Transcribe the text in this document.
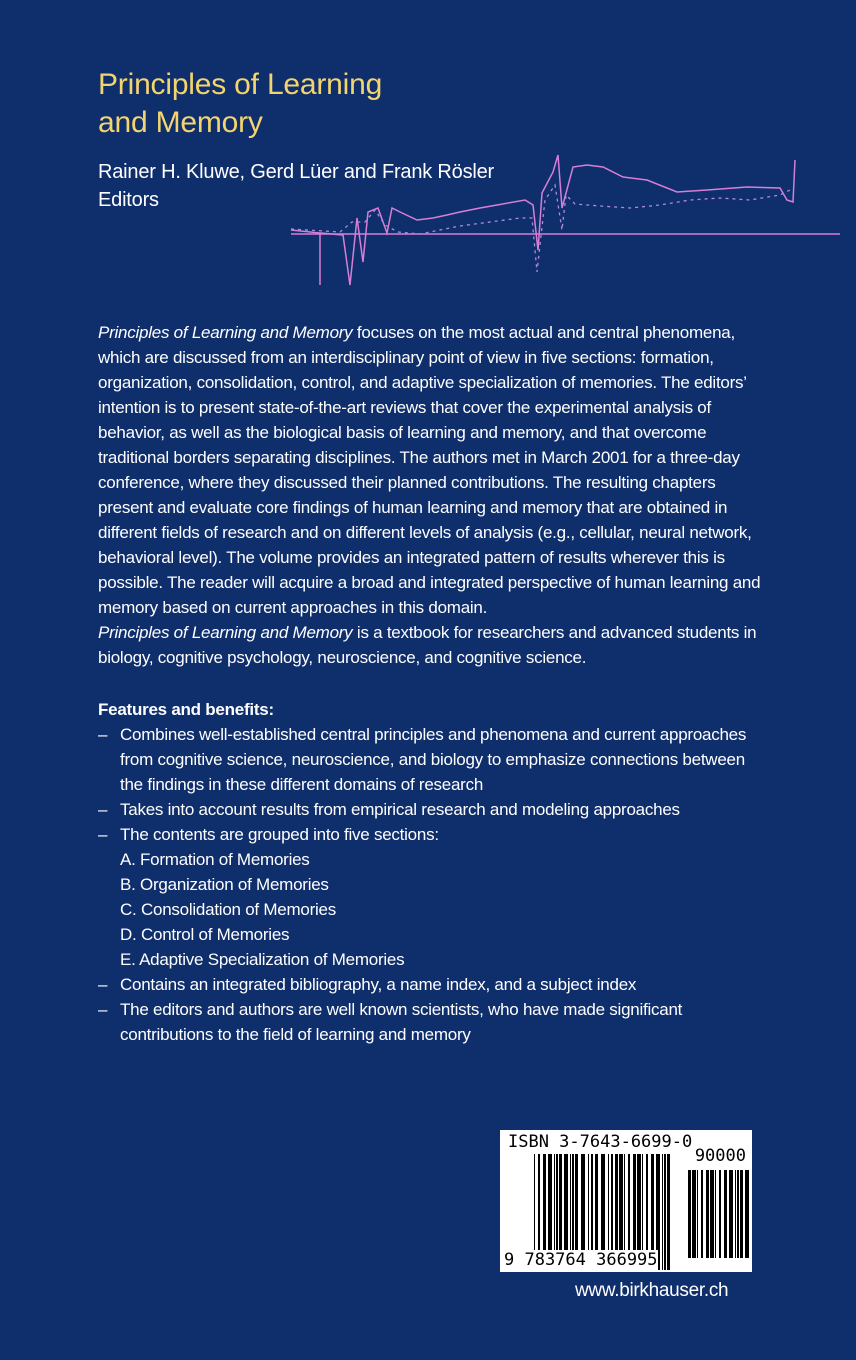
Principles of Learning
and Memory
Rainer H. Kluwe, Gerd Lüer and Frank Rösler
Editors

Principles of Learning and Memory focuses on the most actual and central phenomena, which are discussed from an interdisciplinary point of view in five sections: formation, organization, consolidation, control, and adaptive specialization of memories. The editors’ intention is to present state-of-the-art reviews that cover the experimental analysis of behavior, as well as the biological basis of learning and memory, and that overcome traditional borders separating disciplines. The authors met in March 2001 for a three-day conference, where they discussed their planned contributions. The resulting chapters present and evaluate core findings of human learning and memory that are obtained in different fields of research and on different levels of analysis (e.g., cellular, neural network, behavioral level). The volume provides an integrated pattern of results wherever this is possible. The reader will acquire a broad and integrated perspective of human learning and memory based on current approaches in this domain.

Principles of Learning and Memory is a textbook for researchers and advanced students in biology, cognitive psychology, neuroscience, and cognitive science.

Features and benefits:
– Combines well-established central principles and phenomena and current approaches from cognitive science, neuroscience, and biology to emphasize connections between the findings in these different domains of research
– Takes into account results from empirical research and modeling approaches
– The contents are grouped into five sections:
A. Formation of Memories
B. Organization of Memories
C. Consolidation of Memories
D. Control of Memories
E. Adaptive Specialization of Memories
– Contains an integrated bibliography, a name index, and a subject index
– The editors and authors are well known scientists, who have made significant contributions to the field of learning and memory
ISBN 3-7643-6699-0
90000
9 783764 366995
www.birkhauser.ch
